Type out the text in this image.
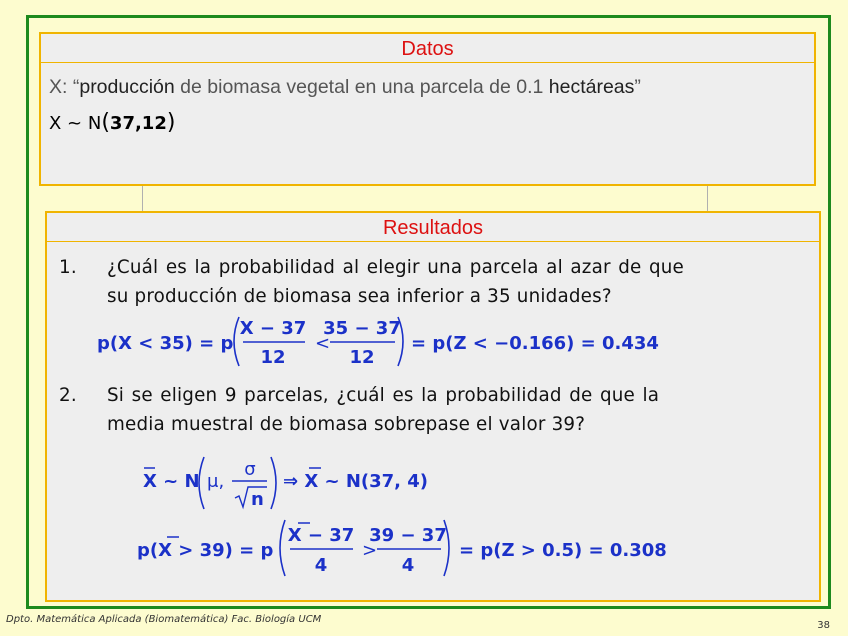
Datos
X: “producción de biomasa vegetal en una parcela de 0.1 hectáreas”
X ~ N(37,12)
Resultados
1. ¿Cuál es la probabilidad al elegir una parcela al azar de que
su producción de biomasa sea inferior a 35 unidades?
p(X < 35) = p
X − 37
12
<
35 − 37
12
= p(Z < −0.166) = 0.434
2. Si se eligen 9 parcelas, ¿cuál es la probabilidad de que la
media muestral de biomasa sobrepase el valor 39?
X ~ N μ,
σ
n
⇒ X ~ N(37, 4)
p(X > 39) = p
X − 37
4
>
39 − 37
4
= p(Z > 0.5) = 0.308
Dpto. Matemática Aplicada (Biomatemática) Fac. Biología UCM
38
